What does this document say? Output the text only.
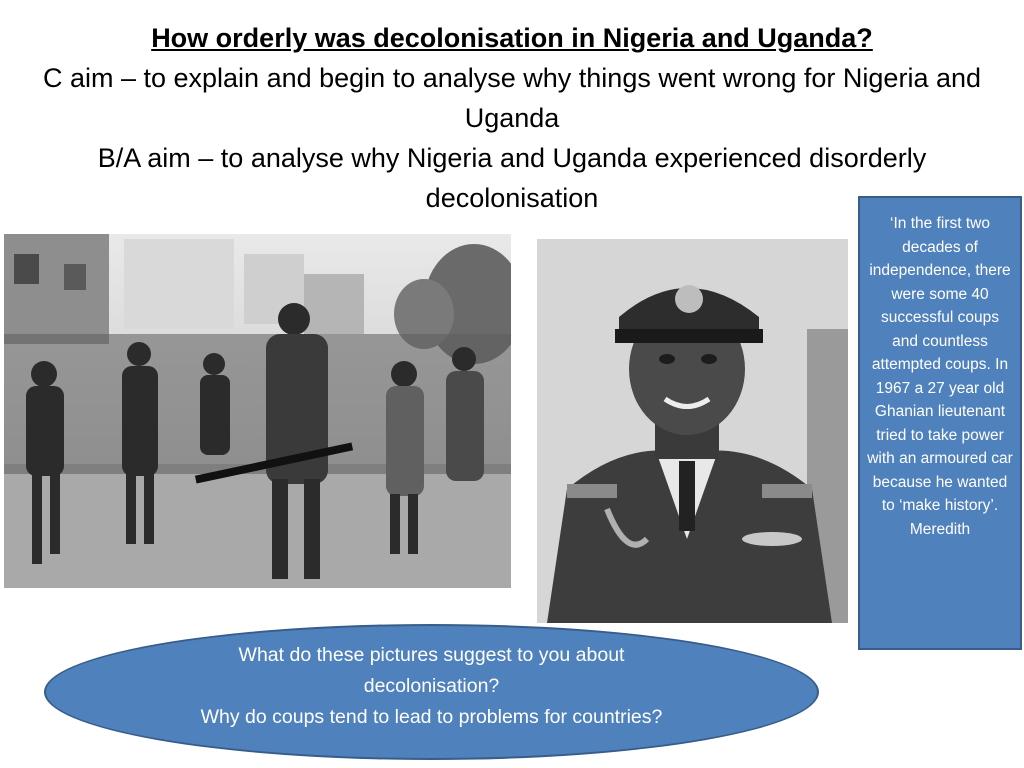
How orderly was decolonisation in Nigeria and Uganda?
C aim – to explain and begin to analyse why things went wrong for Nigeria and Uganda
B/A aim – to analyse why Nigeria and Uganda experienced disorderly decolonisation
‘In the first two decades of independence, there were some 40 successful coups and countless attempted coups. In 1967 a 27 year old Ghanian lieutenant tried to take power with an armoured car because he wanted to ‘make history’.
Meredith
What do these pictures suggest to you about decolonisation?
Why do coups tend to lead to problems for countries?
